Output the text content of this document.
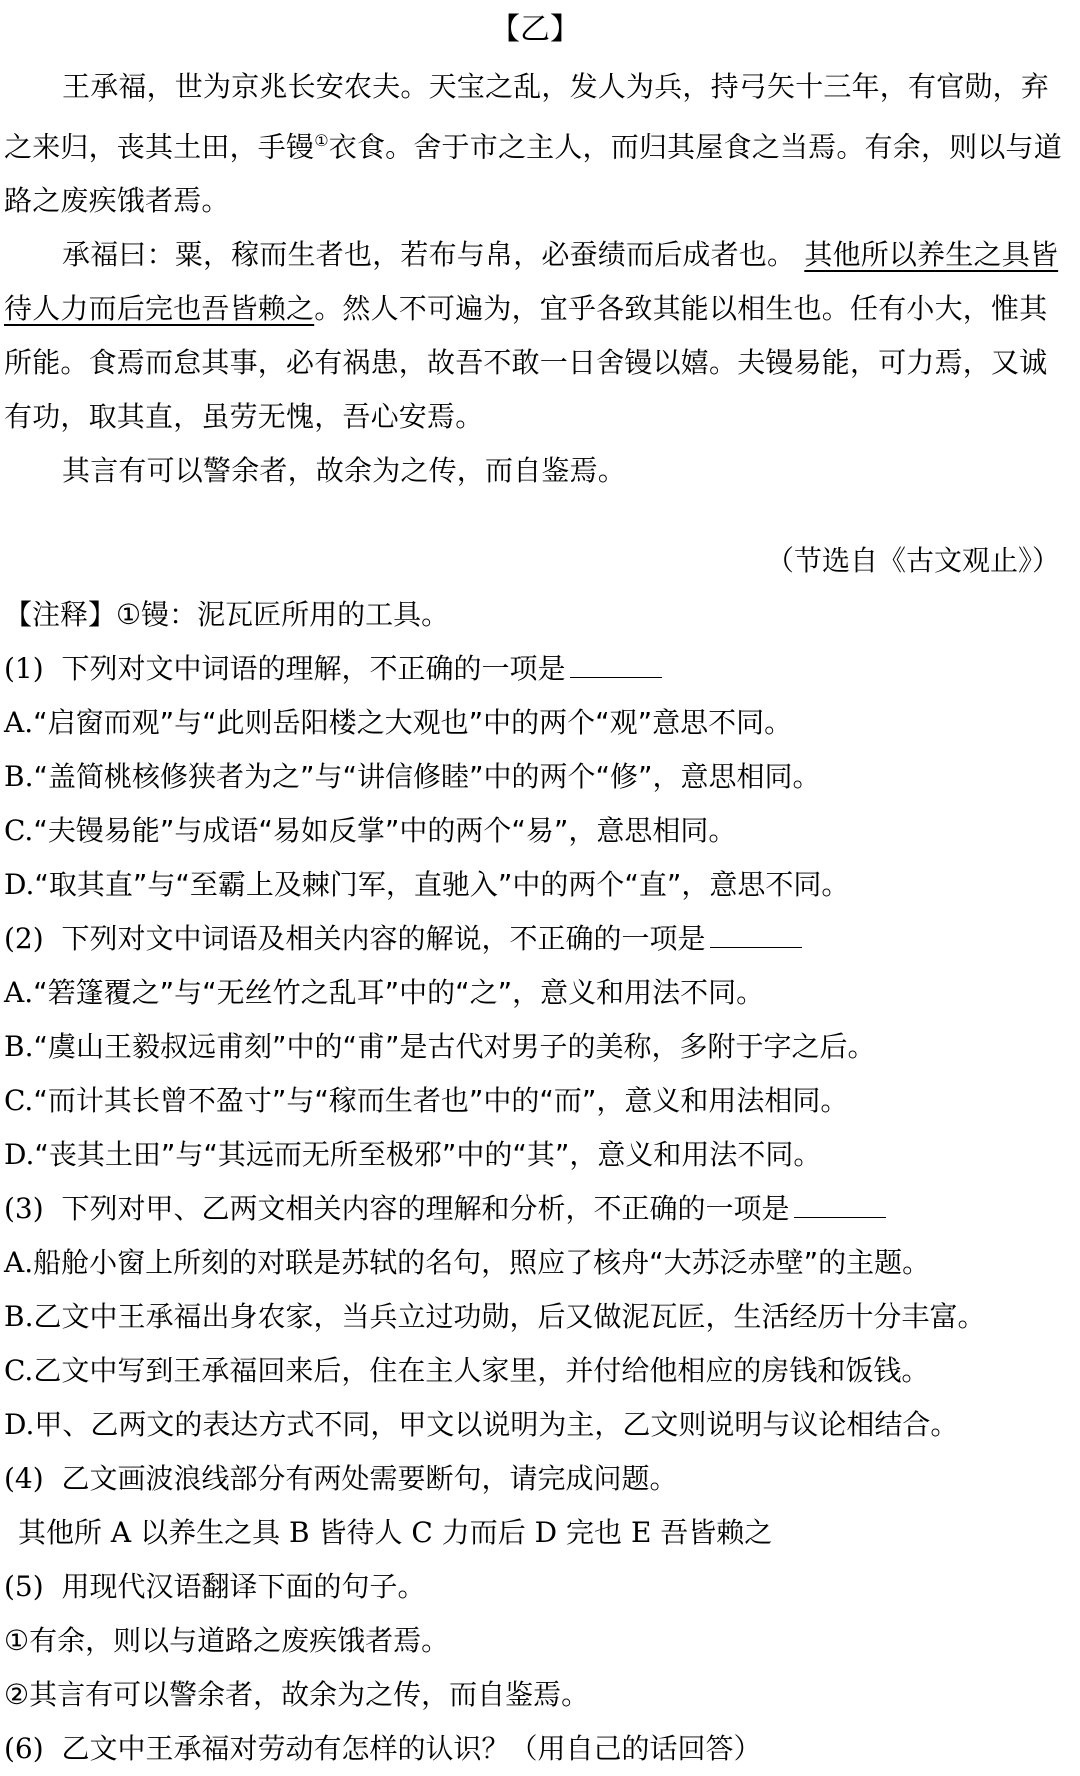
【乙】

王承福，世为京兆长安农夫。天宝之乱，发人为兵，持弓矢十三年，有官勋，弃之来归，丧其土田，手镘①衣食。舍于市之主人，而归其屋食之当焉。有余，则以与道路之废疾饿者焉。

承福曰：粟，稼而生者也，若布与帛，必蚕绩而后成者也。 其他所以养生之具皆待人力而后完也吾皆赖之。然人不可遍为，宜乎各致其能以相生也。任有小大，惟其所能。食焉而怠其事，必有祸患，故吾不敢一日舍镘以嬉。夫镘易能，可力焉，又诚有功，取其直，虽劳无愧，吾心安焉。

其言有可以警余者，故余为之传，而自鉴焉。

（节选自《古文观止》）

【注释】①镘：泥瓦匠所用的工具。

(1) 下列对文中词语的理解，不正确的一项是

A.“启窗而观”与“此则岳阳楼之大观也”中的两个“观”意思不同。

B.“盖简桃核修狭者为之”与“讲信修睦”中的两个“修”，意思相同。

C.“夫镘易能”与成语“易如反掌”中的两个“易”，意思相同。

D.“取其直”与“至霸上及棘门军，直驰入”中的两个“直”，意思不同。

(2) 下列对文中词语及相关内容的解说，不正确的一项是

A.“箬篷覆之”与“无丝竹之乱耳”中的“之”，意义和用法不同。

B.“虞山王毅叔远甫刻”中的“甫”是古代对男子的美称，多附于字之后。

C.“而计其长曾不盈寸”与“稼而生者也”中的“而”，意义和用法相同。

D.“丧其土田”与“其远而无所至极邪”中的“其”，意义和用法不同。

(3) 下列对甲、乙两文相关内容的理解和分析，不正确的一项是

A.船舱小窗上所刻的对联是苏轼的名句，照应了核舟“大苏泛赤壁”的主题。

B.乙文中王承福出身农家，当兵立过功勋，后又做泥瓦匠，生活经历十分丰富。

C.乙文中写到王承福回来后，住在主人家里，并付给他相应的房钱和饭钱。

D.甲、乙两文的表达方式不同，甲文以说明为主，乙文则说明与议论相结合。

(4) 乙文画波浪线部分有两处需要断句，请完成问题。

其他所 A 以养生之具 B 皆待人 C 力而后 D 完也 E 吾皆赖之

(5) 用现代汉语翻译下面的句子。

①有余，则以与道路之废疾饿者焉。

②其言有可以警余者，故余为之传，而自鉴焉。

(6) 乙文中王承福对劳动有怎样的认识？（用自己的话回答）
